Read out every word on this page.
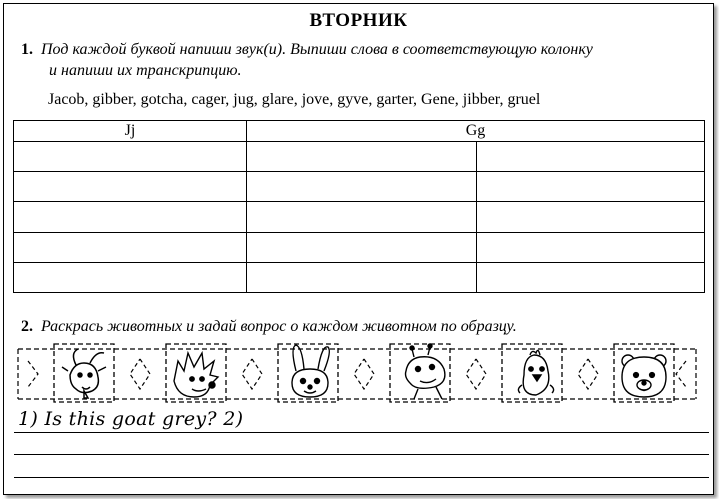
ВТОРНИК
1. Под каждой буквой напиши звук(и). Выпиши слова в соответствующую колонку
и напиши их транскрипцию.
Jacob, gibber, gotcha, cager, jug, glare, jove, gyve, garter, Gene, jibber, gruel
Jj	Gg	

2. Раскрась животных и задай вопрос о каждом животном по образцу.
1) Is this goat grey? 2)
